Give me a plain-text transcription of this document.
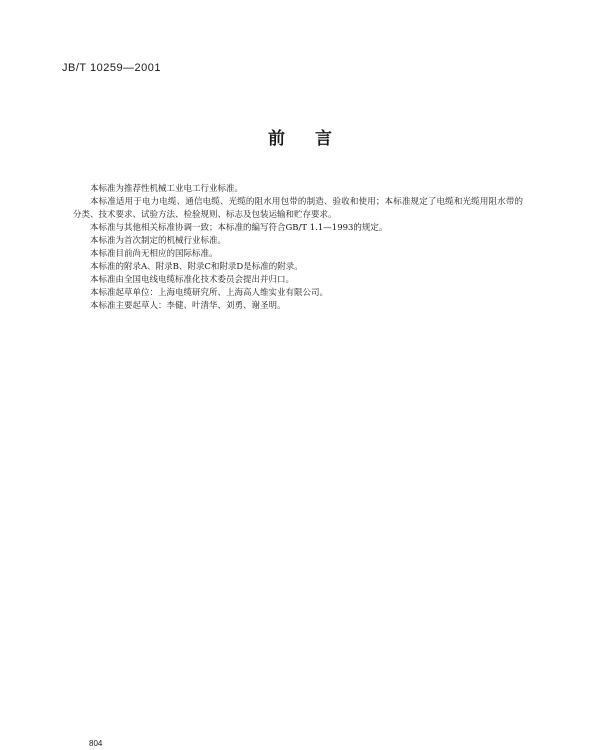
JB/T 10259—2001

前言

本标准为推荐性机械工业电工行业标准。

本标准适用于电力电缆、通信电缆、光缆的阻水用包带的制造、验收和使用；本标准规定了电缆和光缆用阻水带的分类、技术要求、试验方法、检验规则、标志及包装运输和贮存要求。

本标准与其他相关标准协调一致；本标准的编写符合GB/T 1.1—1993的规定。

本标准为首次制定的机械行业标准。

本标准目前尚无相应的国际标准。

本标准的附录A、附录B、附录C和附录D是标准的附录。

本标准由全国电线电缆标准化技术委员会提出并归口。

本标准起草单位：上海电缆研究所、上海高人维实业有限公司。

本标准主要起草人：李健、叶清华、刘勇、谢圣明。

804
